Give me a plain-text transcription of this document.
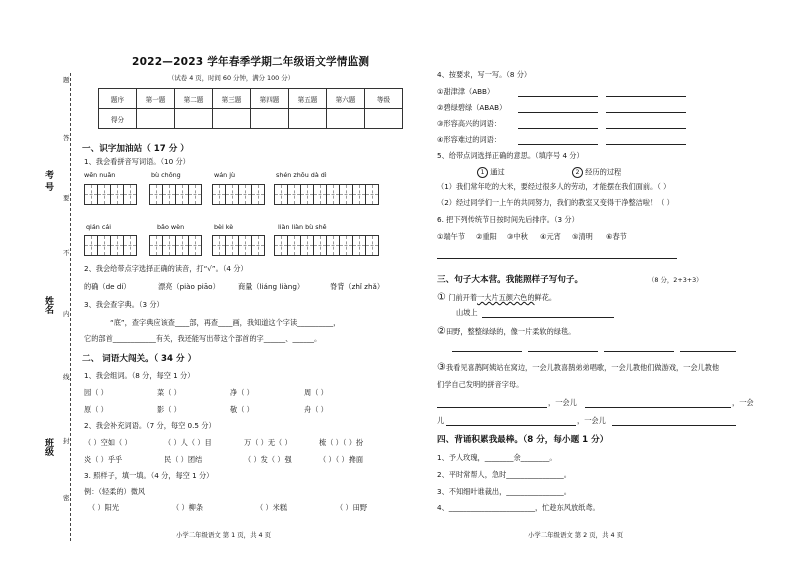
题
答
要
不
内
线
封
密
考 号
姓名
班级
2022—2023 学年春季学期二年级语文学情监测
（试卷 4 页，时间 60 分钟，满分 100 分）
题序	第一题	第二题	第三题	第四题	第五题	第六题	等级
得分							
一、识字加油站（ 17 分 ）
1、我会看拼音写词语。（10 分）
wēn nuǎn	bù chǒng	wán jù	shén zhōu dà dì
qián cái	bǎo wèn	bèi kè	liàn liàn bù shě
2、我会给带点字选择正确的读音，打“√”。（4 分）
的确（de dí）	漂亮（piào piāo）	商量（liáng liàng）	脊背（zhǐ zhǎ）
3、我会查字典。（3 分）
“底”，查字典应该查____部，再查____画，我知道这个字读__________，
它的部首____________有关，我还能写出带这个部首的字______、______。
二、 词语大闯关。（ 34 分 ）
1、我会组词。（8 分，每空 1 分）
园（ ）	菜（ ）	净（ ）	周（ ）
原（ ）	影（ ）	敬（ ）	舟（ ）
2、我会补充词语。（7 分，每空 0.5 分）
（ ）空如（ ）	（ ）人（ ）目	万（ ）无（ ）	梳（ ）（ ）扮
炎（ ）乎乎	民（ ）团结	（ ）发（ ）强	（ ）（ ）搀面
3. 照样子，填一填。（4 分，每空 1 分）
例：（轻柔的）微风
（ ）阳光	（ ）柳条	（ ）米糕	（ ）田野
小学二年级语文 第 1 页，共 4 页
4、按要求，写一写。（8 分）
①甜津津（ABB）
②碧绿碧绿（ABAB）
③形容高兴的词语：
④形容难过的词语：
5、给带点词选择正确的意思。（填序号 4 分）
1 通过	2 经历的过程
（1）我们常年吃的大米，要经过很多人的劳动，才能摆在我们面前。（ ）
（2）经过同学们一上午的共同努力，我们的教室又变得干净整洁啦！（ ）
6. 把下列传统节日按时间先后排序。（3 分）
①端午节 ②重阳 ③中秋 ④元宵 ⑤清明 ⑥春节
三、句子大本营。我能照样子写句子。	（8 分，2+3+3）
① 门前开着一大片五颜六色的鲜花。
山坡上
②田野，整整绿绿的，像一片柔软的绿毯。
③我看见喜鹊阿姨站在窝边，一会儿教喜鹊弟弟唱歌，一会儿教他们做游戏，一会儿教他
们学自己发明的拼音字母。
，一会儿	，一会
儿	，一会儿
四、背诵积累我最棒。（8 分，每小题 1 分）
1、予人玫瑰，________余________。
2、平时常帮人，急时________________。
3、不知细叶谁裁出，________________。
4、________________________，忙趁东风放纸鸢。
小学二年级语文 第 2 页，共 4 页
